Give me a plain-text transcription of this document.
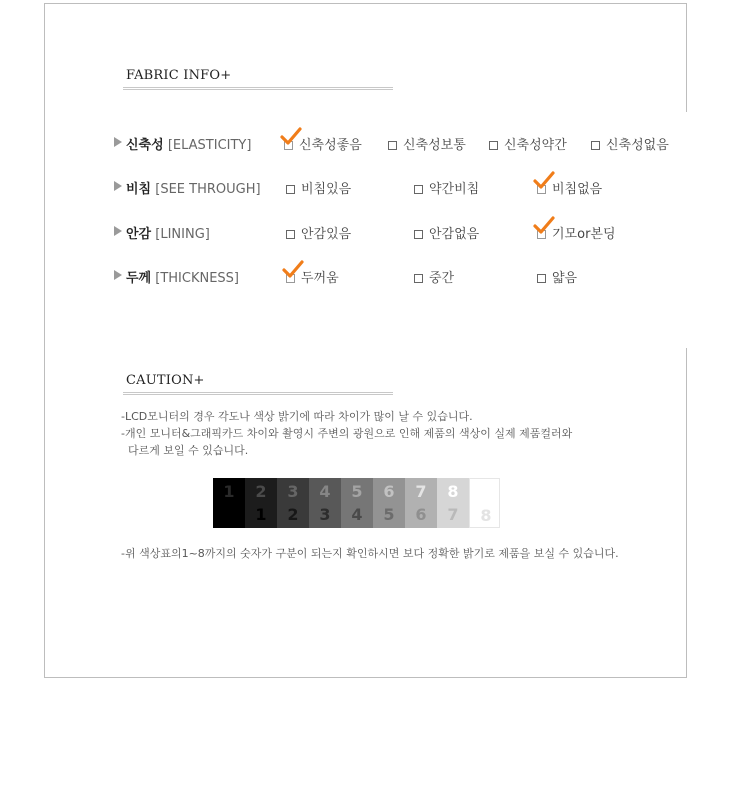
FABRIC INFO+
신축성 [ELASTICITY]	신축성좋음	신축성보통	신축성약간	신축성없음
비침 [SEE THROUGH]	비침있음	약간비침	비침없음
안감 [LINING]	안감있음	안감없음	기모or본딩
두께 [THICKNESS]	두꺼움	중간	얇음
CAUTION+
-LCD모니터의 경우 각도나 색상 밝기에 따라 차이가 많이 날 수 있습니다.
-개인 모니터&그래픽카드 차이와 촬영시 주변의 광원으로 인해 제품의 색상이 실제 제품컬러와
다르게 보일 수 있습니다.
1	2
1
3
2
4
3
5
4
6
5
7
6
8
7	8
-위 색상표의1~8까지의 숫자가 구분이 되는지 확인하시면 보다 정확한 밝기로 제품을 보실 수 있습니다.
